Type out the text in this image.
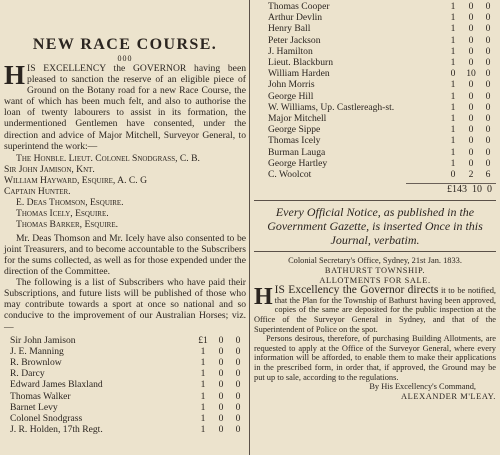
NEW RACE COURSE.
000

HIS EXCELLENCY the GOVERNOR having been pleased to sanction the reserve of an eligible piece of Ground on the Botany road for a new Race Course, the want of which has been much felt, and also to authorise the loan of twenty labourers to assist in its formation, the undermentioned Gentlemen have consented, under the direction and advice of Major Mitchell, Surveyor General, to superintend the work:—

The Honble. Lieut. Colonel Snodgrass, C. B.
Sir John Jamison, Knt.
William Hayward, Esquire, A. C. G
Captain Hunter.
E. Deas Thomson, Esquire.
Thomas Icely, Esquire.
Thomas Barker, Esquire.

Mr. Deas Thomson and Mr. Icely have also consented to be joint Treasurers, and to become accountable to the Subscribers for the sums collected, as well as for those expended under the direction of the Committee.

The following is a list of Subscribers who have paid their Subscriptions, and future lists will be published of those who may contribute towards a sport at once so national and so conducive to the improvement of our Australian Horses; viz.—

Sir John Jamison	£1	0	0
J. E. Manning	1	0	0
R. Brownlow	1	0	0
R. Darcy	1	0	0
Edward James Blaxland	1	0	0
Thomas Walker	1	0	0
Barnet Levy	1	0	0
Colonel Snodgrass	1	0	0
J. R. Holden, 17th Regt.	1	0	0
Thomas Cooper	1	0	0
Arthur Devlin	1	0	0
Henry Ball	1	0	0
Peter Jackson	1	0	0
J. Hamilton	1	0	0
Lieut. Blackburn	1	0	0
William Harden	0	10	0
John Morris	1	0	0
George Hill	1	0	0
W. Williams, Up. Castlereagh-st.	1	0	0
Major Mitchell	1	0	0
George Sippe	1	0	0
Thomas Icely	1	0	0
Burman Lauga	1	0	0
George Hartley	1	0	0
C. Woolcot	0	2	6
£143 10 0
Every Official Notice, as published in the Government Gazette, is inserted Once in this Journal, verbatim.
Colonial Secretary's Office, Sydney, 21st Jan. 1833.
BATHURST TOWNSHIP.
ALLOTMENTS FOR SALE.

HIS Excellency the Governor directs it to be notified, that the Plan for the Township of Bathurst having been approved, copies of the same are deposited for the public inspection at the Office of the Surveyor General in Sydney, and that of the Superintendent of Police on the spot.

Persons desirous, therefore, of purchasing Building Allotments, are requested to apply at the Office of the Surveyor General, where every information will be afforded, to enable them to make their applications in the prescribed form, in order that, if approved, the Ground may be put up to sale, according to the regulations.

By His Excellency's Command,
ALEXANDER M'LEAY.
